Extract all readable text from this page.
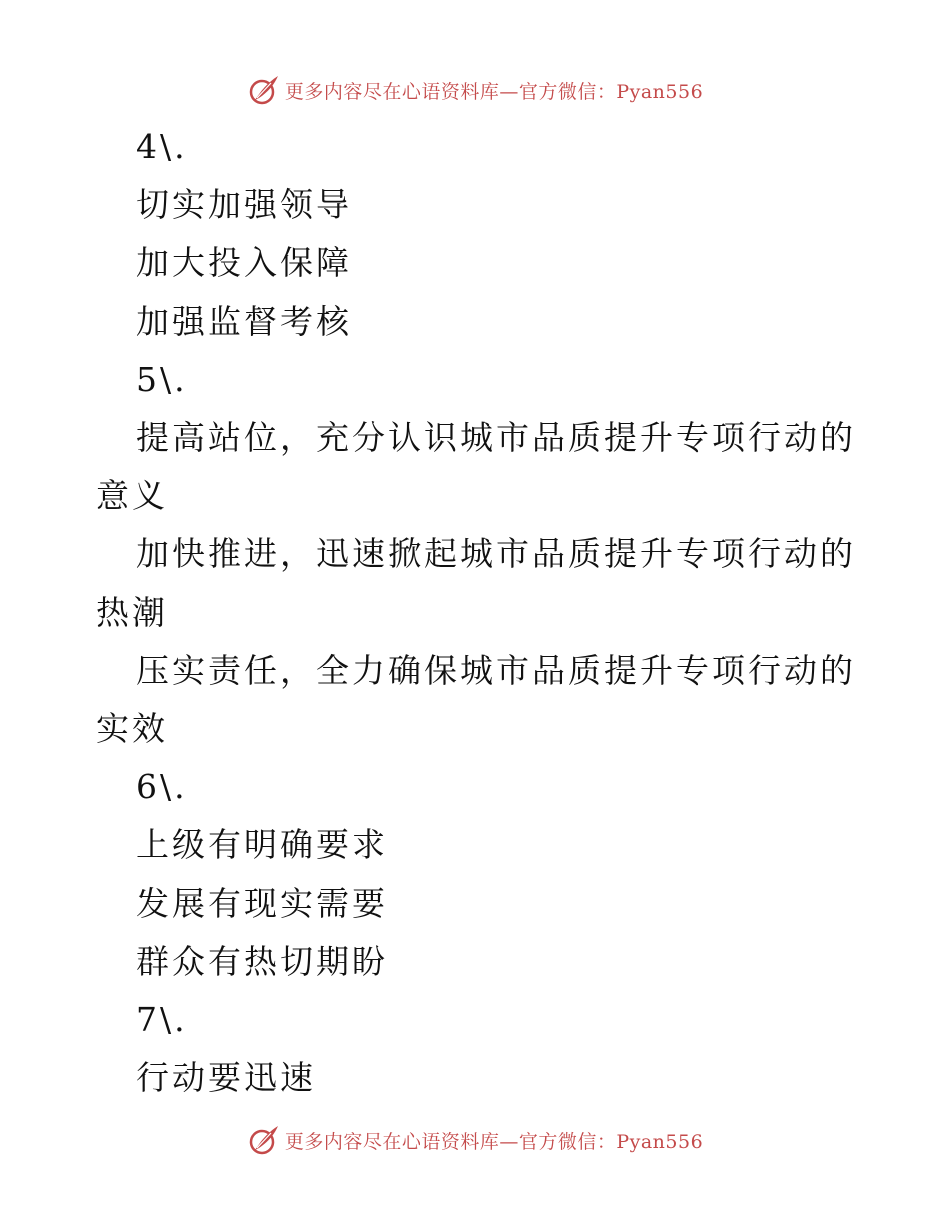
更多内容尽在心语资料库—官方微信：Pyan556
4\.
切实加强领导
加大投入保障
加强监督考核
5\.
提高站位，充分认识城市品质提升专项行动的意义
加快推进，迅速掀起城市品质提升专项行动的热潮
压实责任，全力确保城市品质提升专项行动的实效
6\.
上级有明确要求
发展有现实需要
群众有热切期盼
7\.
行动要迅速
更多内容尽在心语资料库—官方微信：Pyan556
